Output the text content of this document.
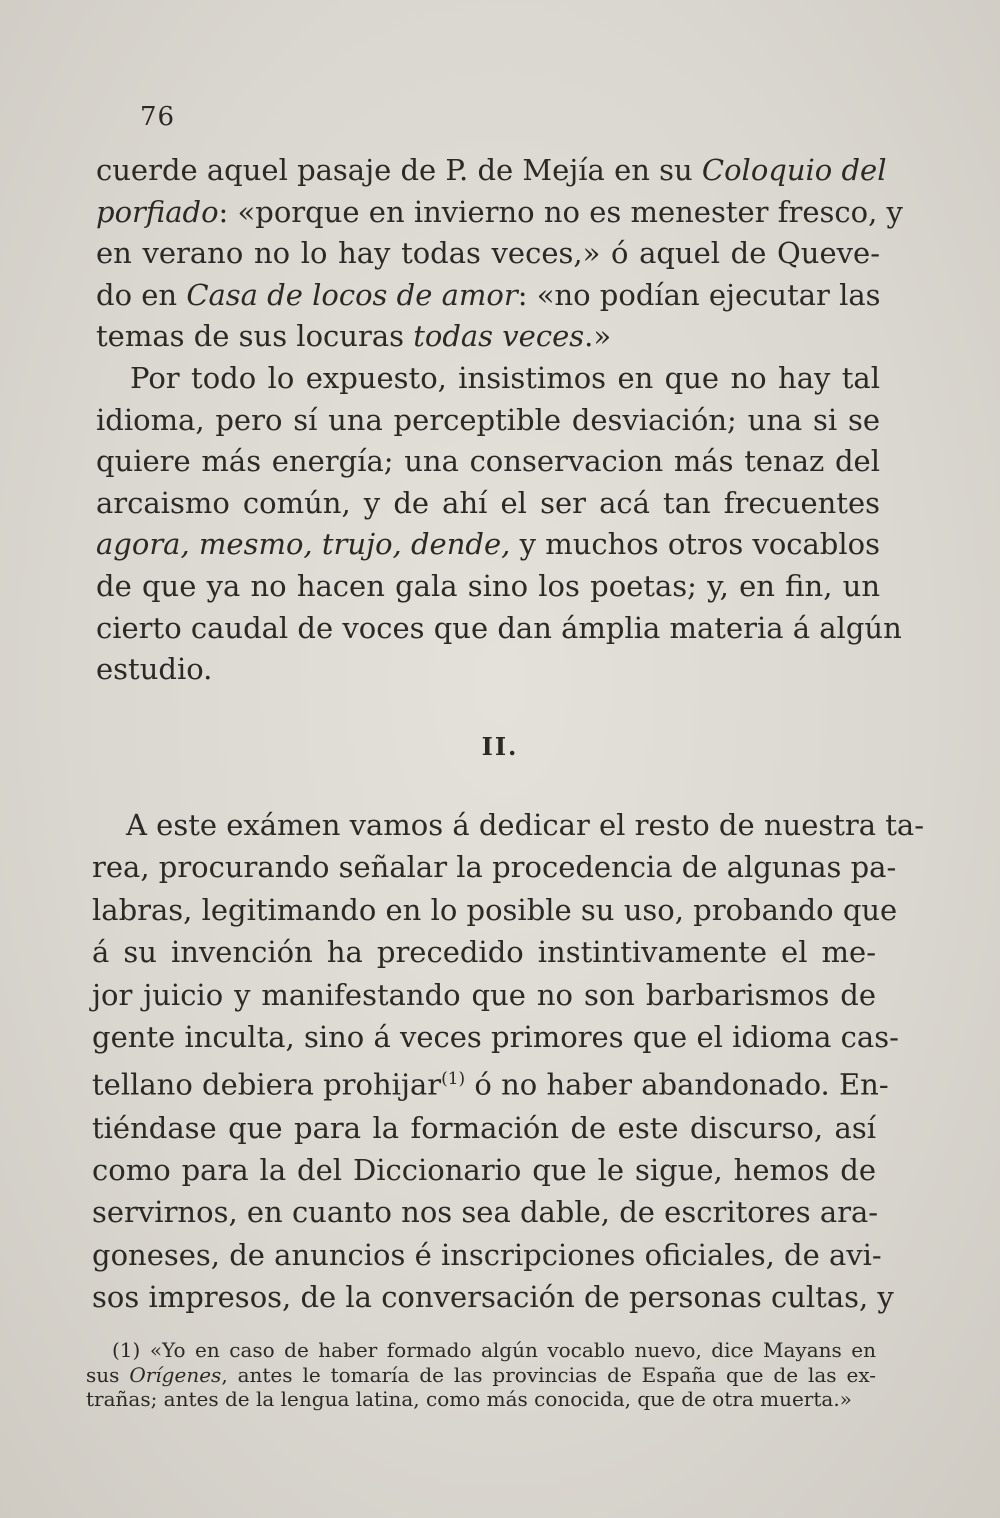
76

cuerde aquel pasaje de P. de Mejía en su Coloquio del
porfiado: «porque en invierno no es menester fresco, y
en verano no lo hay todas veces,» ó aquel de Queve-
do en Casa de locos de amor: «no podían ejecutar las
temas de sus locuras todas veces.»

Por todo lo expuesto, insistimos en que no hay tal
idioma, pero sí una perceptible desviación; una si se
quiere más energía; una conservacion más tenaz del
arcaismo común, y de ahí el ser acá tan frecuentes
agora, mesmo, trujo, dende, y muchos otros vocablos
de que ya no hacen gala sino los poetas; y, en fin, un
cierto caudal de voces que dan ámplia materia á algún
estudio.

II.

A este exámen vamos á dedicar el resto de nuestra ta-
rea, procurando señalar la procedencia de algunas pa-
labras, legitimando en lo posible su uso, probando que
á su invención ha precedido instintivamente el me-
jor juicio y manifestando que no son barbarismos de
gente inculta, sino á veces primores que el idioma cas-
tellano debiera prohijar$^{(1)}$ ó no haber abandonado. En-
tiéndase que para la formación de este discurso, así
como para la del Diccionario que le sigue, hemos de
servirnos, en cuanto nos sea dable, de escritores ara-
goneses, de anuncios é inscripciones oficiales, de avi-
sos impresos, de la conversación de personas cultas, y

(1) «Yo en caso de haber formado algún vocablo nuevo, dice Mayans en
sus Orígenes, antes le tomaría de las provincias de España que de las ex-
trañas; antes de la lengua latina, como más conocida, que de otra muerta.»
